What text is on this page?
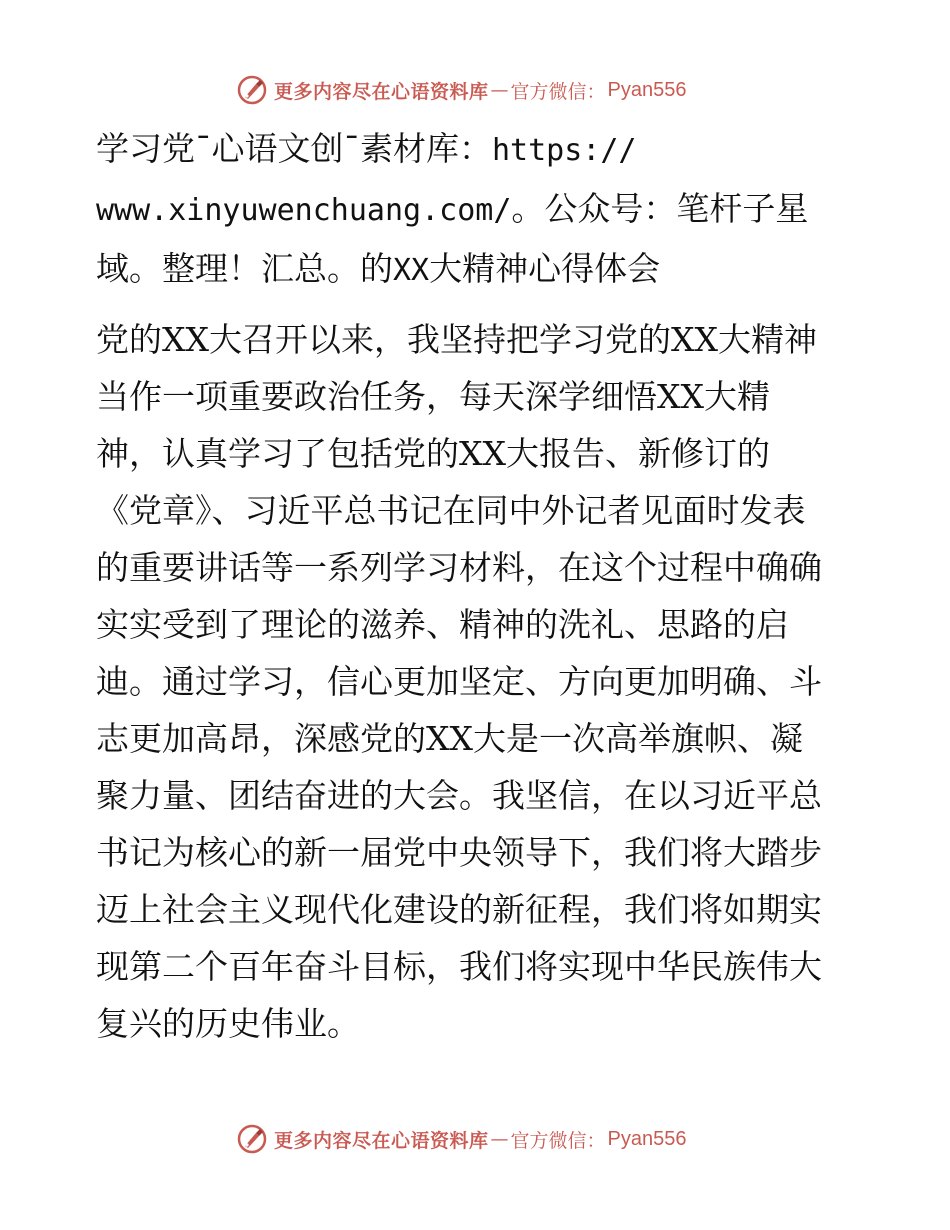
更多内容尽在心语资料库 — 官方微信： Pyan556
学习党¯心语文创¯素材库：https://
www.xinyuwenchuang.com/。公众号：笔杆子星
域。整理！汇总。的XX大精神心得体会

党的XX大召开以来，我坚持把学习党的XX大精神
当作一项重要政治任务，每天深学细悟XX大精
神，认真学习了包括党的XX大报告、新修订的
《党章》、习近平总书记在同中外记者见面时发表
的重要讲话等一系列学习材料，在这个过程中确确
实实受到了理论的滋养、精神的洗礼、思路的启
迪。通过学习，信心更加坚定、方向更加明确、斗
志更加高昂，深感党的XX大是一次高举旗帜、凝
聚力量、团结奋进的大会。我坚信，在以习近平总
书记为核心的新一届党中央领导下，我们将大踏步
迈上社会主义现代化建设的新征程，我们将如期实
现第二个百年奋斗目标，我们将实现中华民族伟大
复兴的历史伟业。

更多内容尽在心语资料库 — 官方微信： Pyan556
